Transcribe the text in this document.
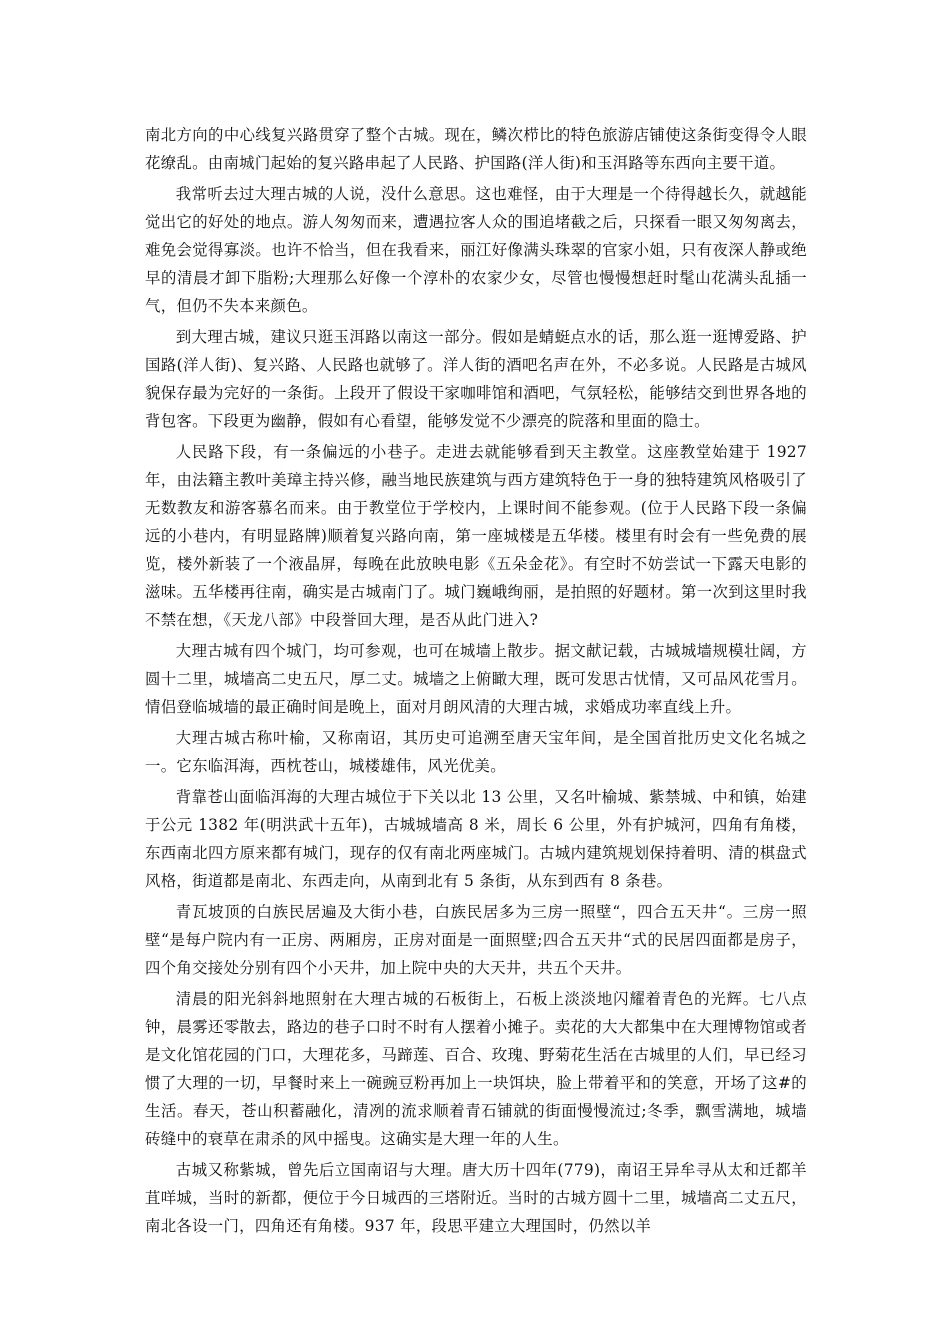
南北方向的中心线复兴路贯穿了整个古城。现在，鳞次栉比的特色旅游店铺使这条街变得令人眼花缭乱。由南城门起始的复兴路串起了人民路、护国路(洋人街)和玉洱路等东西向主要干道。

我常听去过大理古城的人说，没什么意思。这也难怪，由于大理是一个待得越长久，就越能觉出它的好处的地点。游人匆匆而来，遭遇拉客人众的围追堵截之后，只探看一眼又匆匆离去，难免会觉得寡淡。也许不恰当，但在我看来，丽江好像满头珠翠的官家小姐，只有夜深人静或绝早的清晨才卸下脂粉;大理那么好像一个淳朴的农家少女，尽管也慢慢想赶时髦山花满头乱插一气，但仍不失本来颜色。

到大理古城，建议只逛玉洱路以南这一部分。假如是蜻蜓点水的话，那么逛一逛博爱路、护国路(洋人街)、复兴路、人民路也就够了。洋人街的酒吧名声在外，不必多说。人民路是古城风貌保存最为完好的一条街。上段开了假设干家咖啡馆和酒吧，气氛轻松，能够结交到世界各地的背包客。下段更为幽静，假如有心看望，能够发觉不少漂亮的院落和里面的隐士。

人民路下段，有一条偏远的小巷子。走进去就能够看到天主教堂。这座教堂始建于 1927 年，由法籍主教叶美璋主持兴修，融当地民族建筑与西方建筑特色于一身的独特建筑风格吸引了无数教友和游客慕名而来。由于教堂位于学校内，上课时间不能参观。(位于人民路下段一条偏远的小巷内，有明显路牌)顺着复兴路向南，第一座城楼是五华楼。楼里有时会有一些免费的展览，楼外新装了一个液晶屏，每晚在此放映电影《五朵金花》。有空时不妨尝试一下露天电影的滋味。五华楼再往南，确实是古城南门了。城门巍峨绚丽，是拍照的好题材。第一次到这里时我不禁在想，《天龙八部》中段誉回大理，是否从此门进入?

大理古城有四个城门，均可参观，也可在城墙上散步。据文献记载，古城城墙规模壮阔，方圆十二里，城墙高二史五尺，厚二丈。城墙之上俯瞰大理，既可发思古忧情，又可品风花雪月。情侣登临城墙的最正确时间是晚上，面对月朗风清的大理古城，求婚成功率直线上升。

大理古城古称叶榆，又称南诏，其历史可追溯至唐天宝年间，是全国首批历史文化名城之一。它东临洱海，西枕苍山，城楼雄伟，风光优美。

背靠苍山面临洱海的大理古城位于下关以北 13 公里，又名叶榆城、紫禁城、中和镇，始建于公元 1382 年(明洪武十五年)，古城城墙高 8 米，周长 6 公里，外有护城河，四角有角楼，东西南北四方原来都有城门，现存的仅有南北两座城门。古城内建筑规划保持着明、清的棋盘式风格，街道都是南北、东西走向，从南到北有 5 条街，从东到西有 8 条巷。

青瓦坡顶的白族民居遍及大街小巷，白族民居多为三房一照壁“，四合五天井“。三房一照壁“是每户院内有一正房、两厢房，正房对面是一面照壁;四合五天井“式的民居四面都是房子，四个角交接处分别有四个小天井，加上院中央的大天井，共五个天井。

清晨的阳光斜斜地照射在大理古城的石板街上，石板上淡淡地闪耀着青色的光辉。七八点钟，晨雾还零散去，路边的巷子口时不时有人摆着小摊子。卖花的大大都集中在大理博物馆或者是文化馆花园的门口，大理花多，马蹄莲、百合、玫瑰、野菊花生活在古城里的人们，早已经习惯了大理的一切，早餐时来上一碗豌豆粉再加上一块饵块，脸上带着平和的笑意，开场了这#的生活。春天，苍山积蓄融化，清冽的流求顺着青石铺就的街面慢慢流过;冬季，飘雪满地，城墙砖缝中的衰草在肃杀的风中摇曳。这确实是大理一年的人生。

古城又称紫城，曾先后立国南诏与大理。唐大历十四年(779)，南诏王异牟寻从太和迁都羊苴咩城，当时的新都，便位于今日城西的三塔附近。当时的古城方圆十二里，城墙高二丈五尺，南北各设一门，四角还有角楼。937 年，段思平建立大理国时，仍然以羊
